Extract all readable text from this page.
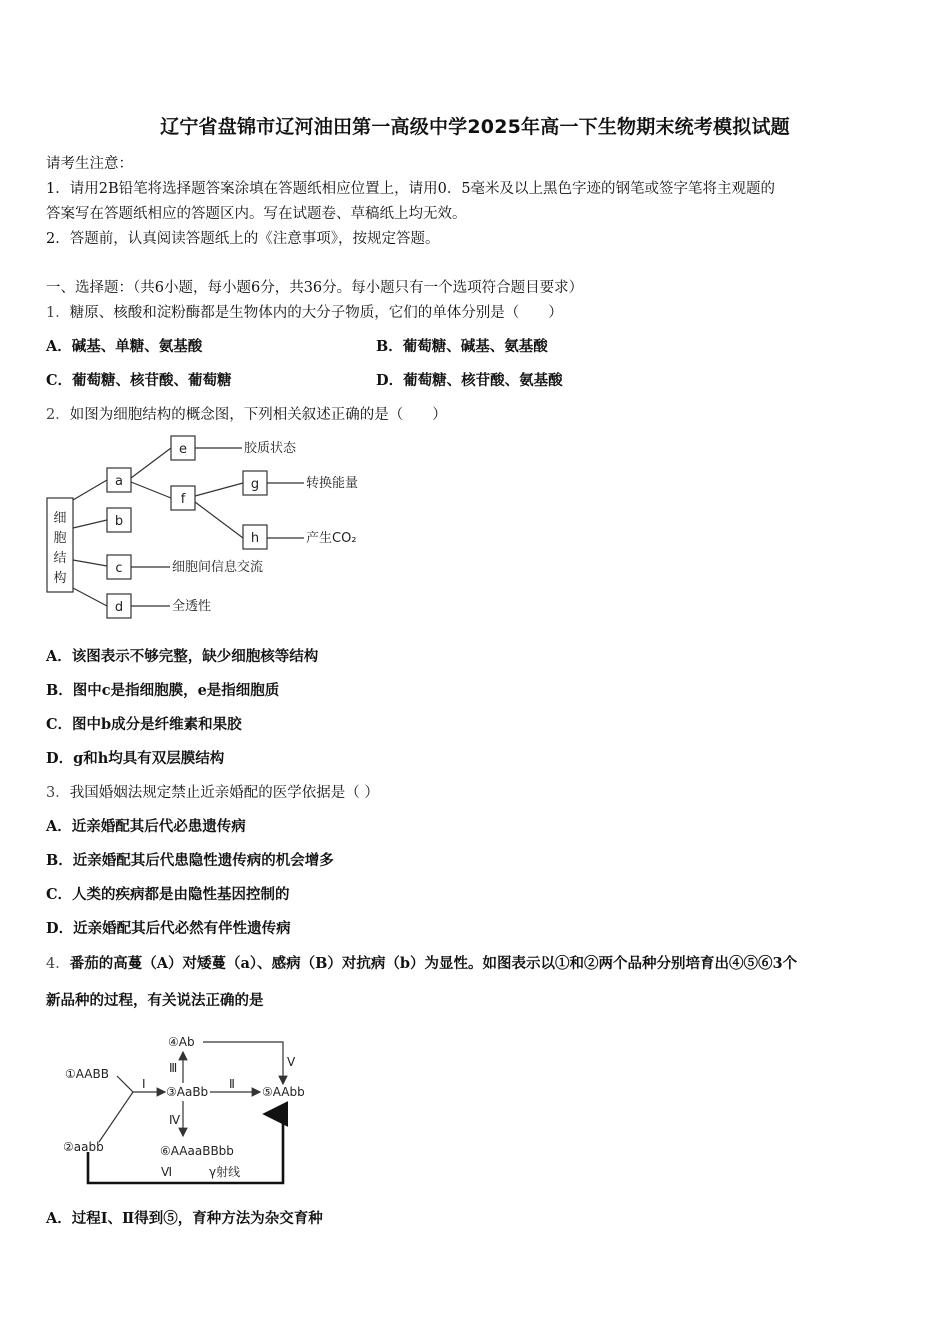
辽宁省盘锦市辽河油田第一高级中学2025年高一下生物期末统考模拟试题
请考生注意：
1．请用2B铅笔将选择题答案涂填在答题纸相应位置上，请用0．5毫米及以上黑色字迹的钢笔或签字笔将主观题的
答案写在答题纸相应的答题区内。写在试题卷、草稿纸上均无效。
2．答题前，认真阅读答题纸上的《注意事项》，按规定答题。
一、选择题：（共6小题，每小题6分，共36分。每小题只有一个选项符合题目要求）
1．糖原、核酸和淀粉酶都是生物体内的大分子物质，它们的单体分别是（　　）
A．碱基、单糖、氨基酸	B．葡萄糖、碱基、氨基酸
C．葡萄糖、核苷酸、葡萄糖	D．葡萄糖、核苷酸、氨基酸
2．如图为细胞结构的概念图，下列相关叙述正确的是（　　）
细
胞
结
构
a
b
c
d
e
f
g
h
胶质状态
转换能量
产生CO₂
细胞间信息交流
全透性
A．该图表示不够完整，缺少细胞核等结构
B．图中c是指细胞膜，e是指细胞质
C．图中b成分是纤维素和果胶
D．g和h均具有双层膜结构
3．我国婚姻法规定禁止近亲婚配的医学依据是（ ）
A．近亲婚配其后代必患遗传病
B．近亲婚配其后代患隐性遗传病的机会增多
C．人类的疾病都是由隐性基因控制的
D．近亲婚配其后代必然有伴性遗传病
4．番茄的高蔓（A）对矮蔓（a）、感病（B）对抗病（b）为显性。如图表示以①和②两个品种分别培育出④⑤⑥3个
新品种的过程，有关说法正确的是
①AABB
②aabb
③AaBb
④Ab
⑤AAbb
⑥AAaaBBbb
Ⅰ	Ⅱ
Ⅲ
Ⅳ
Ⅴ
Ⅵ	γ射线
A．过程Ⅰ、Ⅱ得到⑤，育种方法为杂交育种
